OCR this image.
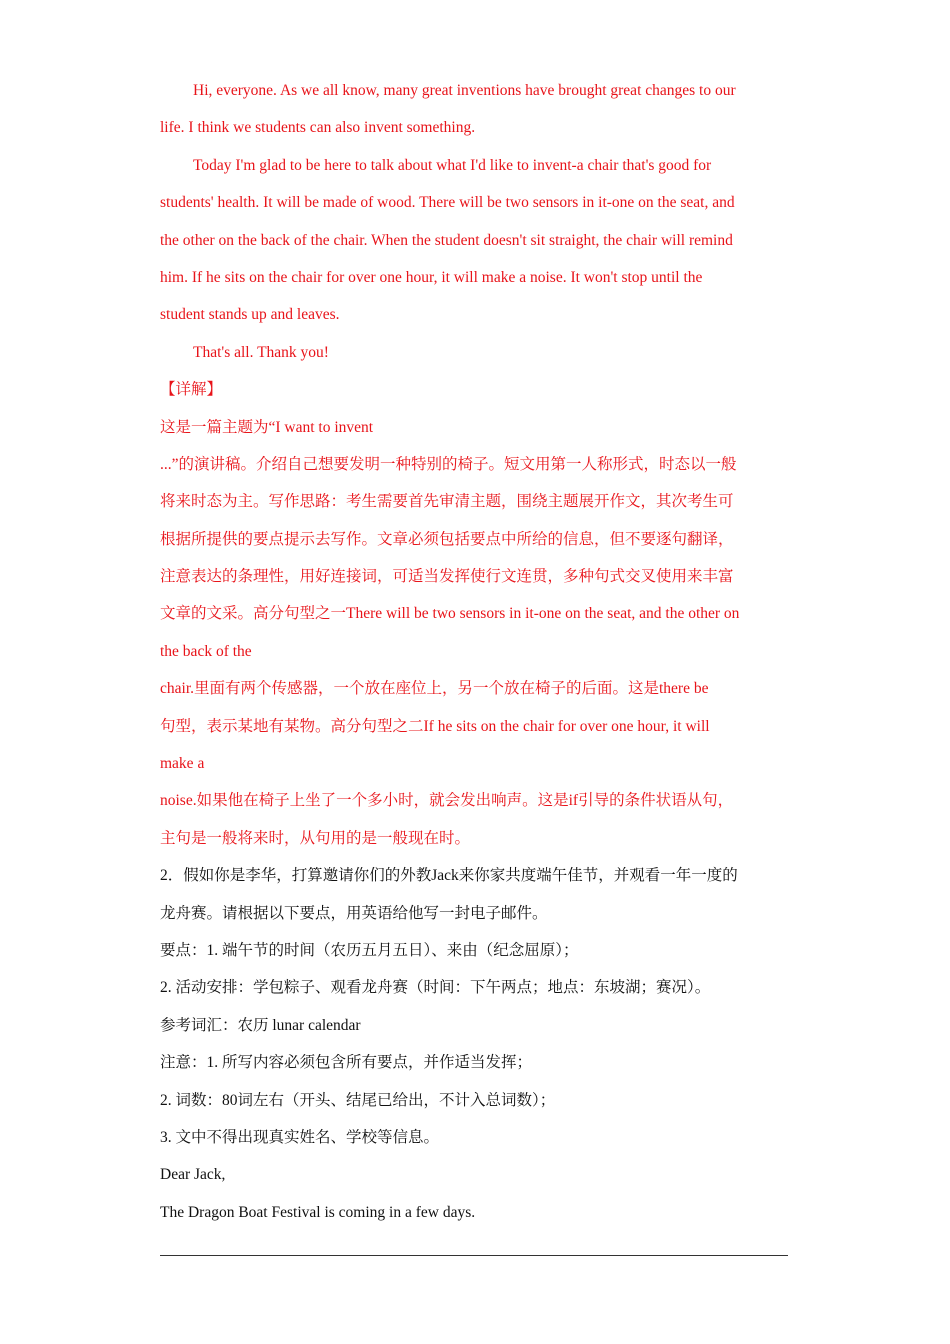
Hi, everyone. As we all know, many great inventions have brought great changes to our
life. I think we students can also invent something.
Today I'm glad to be here to talk about what I'd like to invent-a chair that's good for
students' health. It will be made of wood. There will be two sensors in it-one on the seat, and
the other on the back of the chair. When the student doesn't sit straight, the chair will remind
him. If he sits on the chair for over one hour, it will make a noise. It won't stop until the
student stands up and leaves.
That's all. Thank you!
【详解】
这是一篇主题为“I want to invent
...”的演讲稿。介绍自己想要发明一种特别的椅子。短文用第一人称形式，时态以一般
将来时态为主。写作思路：考生需要首先审清主题，围绕主题展开作文，其次考生可
根据所提供的要点提示去写作。文章必须包括要点中所给的信息，但不要逐句翻译，
注意表达的条理性，用好连接词，可适当发挥使行文连贯，多种句式交叉使用来丰富
文章的文采。高分句型之一There will be two sensors in it-one on the seat, and the other on
the back of the
chair.里面有两个传感器，一个放在座位上，另一个放在椅子的后面。这是there be
句型，表示某地有某物。高分句型之二If he sits on the chair for over one hour, it will
make a
noise.如果他在椅子上坐了一个多小时，就会发出响声。这是if引导的条件状语从句，
主句是一般将来时，从句用的是一般现在时。
2．假如你是李华，打算邀请你们的外教Jack来你家共度端午佳节，并观看一年一度的
龙舟赛。请根据以下要点，用英语给他写一封电子邮件。
要点：1. 端午节的时间（农历五月五日）、来由（纪念屈原）；
2. 活动安排：学包粽子、观看龙舟赛（时间：下午两点；地点：东坡湖；赛况）。
参考词汇：农历 lunar calendar
注意：1. 所写内容必须包含所有要点，并作适当发挥；
2. 词数：80词左右（开头、结尾已给出，不计入总词数）；
3. 文中不得出现真实姓名、学校等信息。
Dear Jack,
The Dragon Boat Festival is coming in a few days.
